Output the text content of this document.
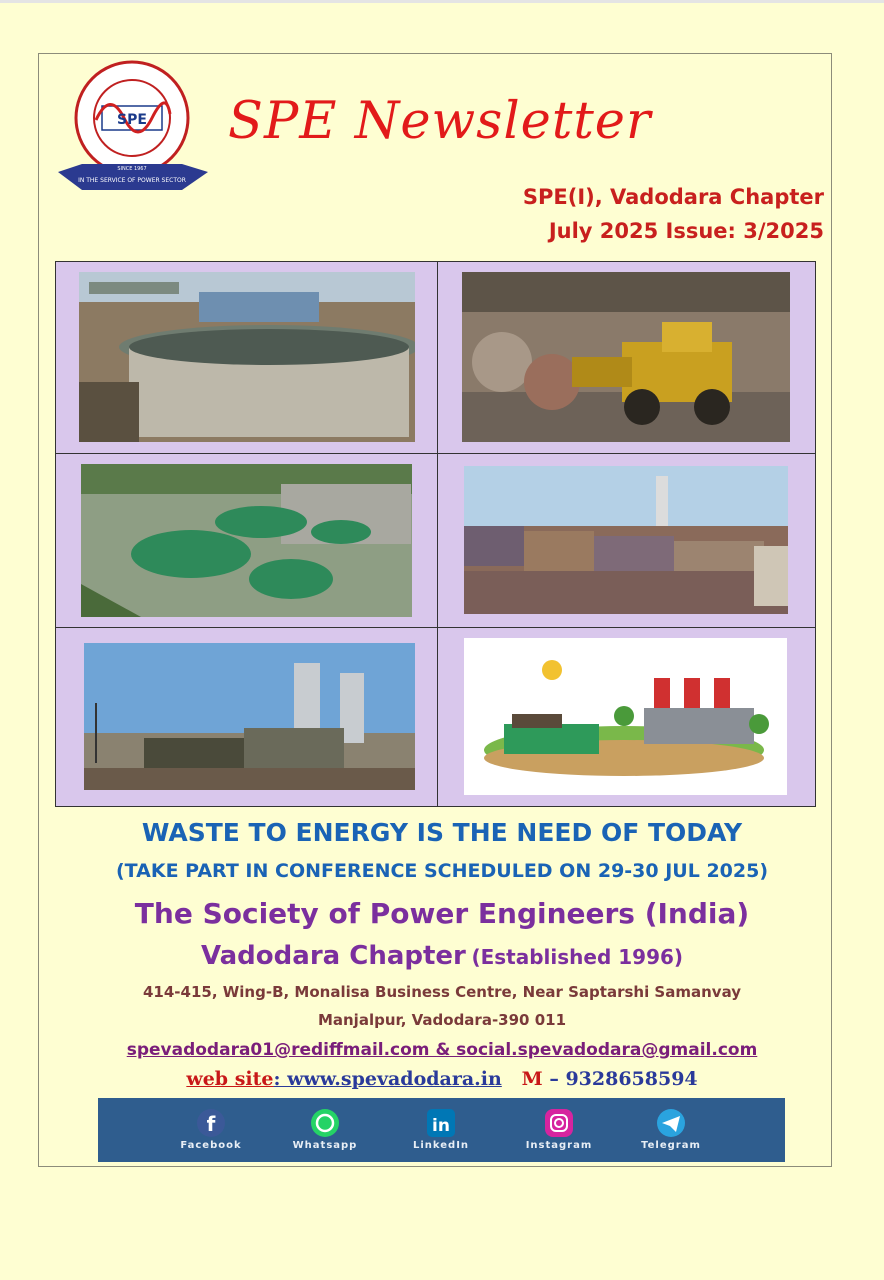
SPE
SINCE 1967
IN THE SERVICE OF POWER SECTOR
SPE Newsletter
SPE(I), Vadodara Chapter
July 2025 Issue: 3/2025
WASTE TO ENERGY IS THE NEED OF TODAY
(TAKE PART IN CONFERENCE SCHEDULED ON 29-30 JUL 2025)
The Society of Power Engineers (India)
Vadodara Chapter (Established 1996)
414-415, Wing-B, Monalisa Business Centre, Near Saptarshi Samanvay
Manjalpur, Vadodara-390 011
spevadodara01@rediffmail.com & social.spevadodara@gmail.com
web site: www.spevadodara.in M – 9328658594
f
Facebook	Whatsapp
in
LinkedIn	Instagram	Telegram
